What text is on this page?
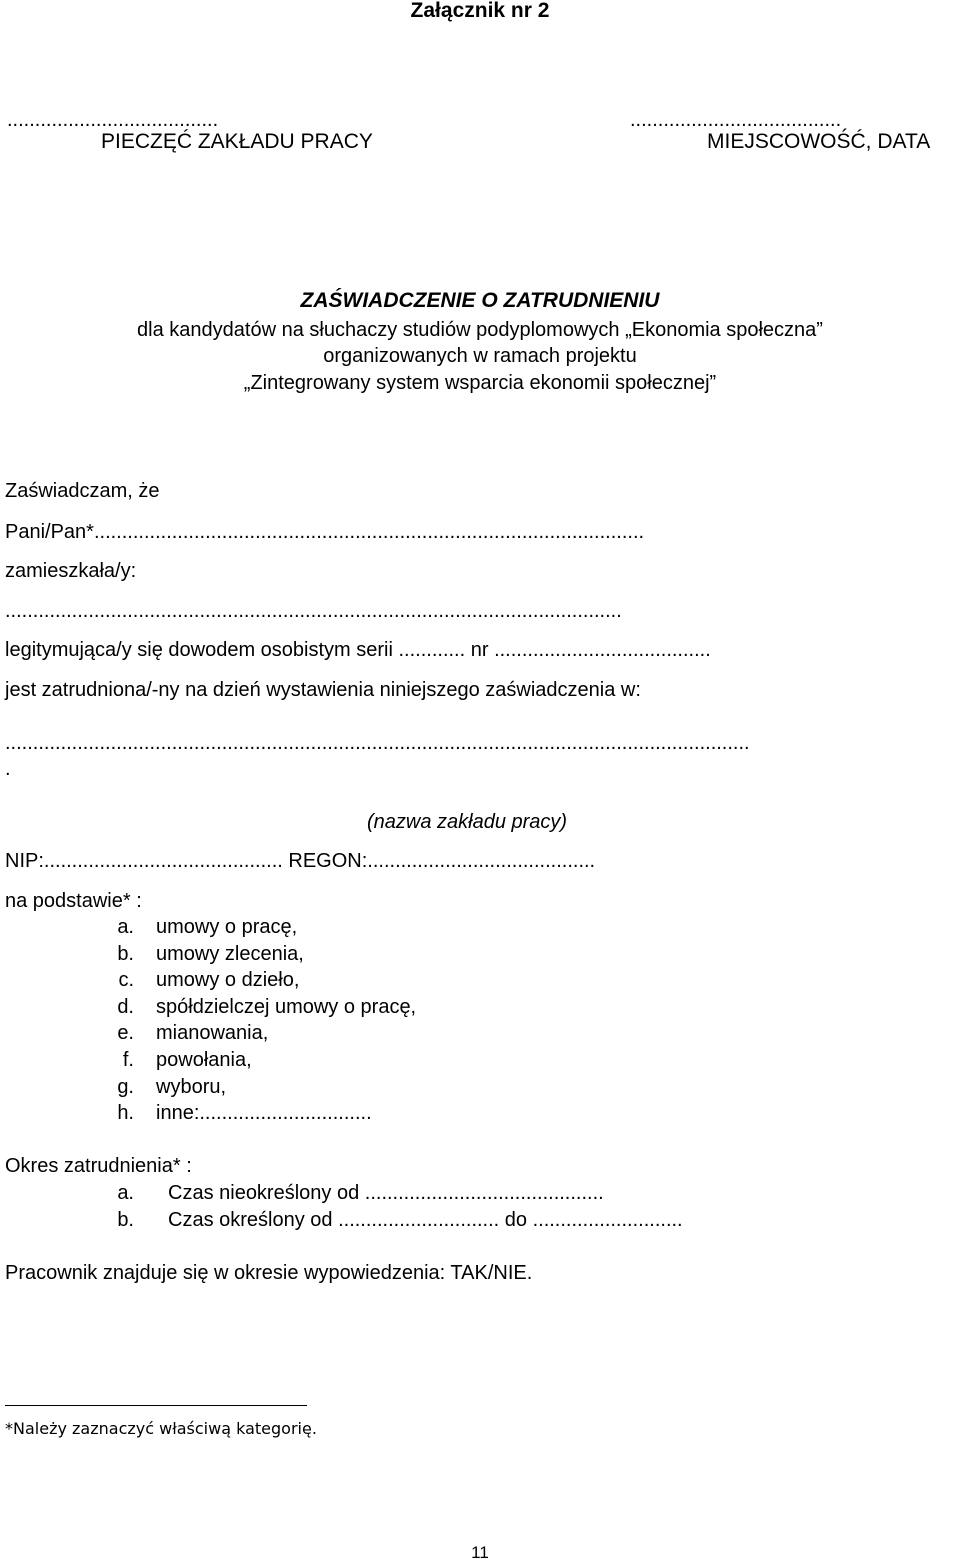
Załącznik nr 2
......................................
PIECZĘĆ ZAKŁADU PRACY
......................................
MIEJSCOWOŚĆ, DATA
ZAŚWIADCZENIE O ZATRUDNIENIU
dla kandydatów na słuchaczy studiów podyplomowych „Ekonomia społeczna”
organizowanych w ramach projektu
„Zintegrowany system wsparcia ekonomii społecznej”
Zaświadczam, że
Pani/Pan*...................................................................................................
zamieszkała/y:
...............................................................................................................
legitymująca/y się dowodem osobistym serii ............ nr .......................................
jest zatrudniona/-ny na dzień wystawienia niniejszego zaświadczenia w:
......................................................................................................................................
.
(nazwa zakładu pracy)
NIP:........................................... REGON:.........................................
na podstawie* :
a. umowy o pracę,
b. umowy zlecenia,
c. umowy o dzieło,
d. spółdzielczej umowy o pracę,
e. mianowania,
f. powołania,
g. wyboru,
h. inne:...............................
Okres zatrudnienia* :
a. Czas nieokreślony od ...........................................
b. Czas określony od ............................. do ...........................
Pracownik znajduje się w okresie wypowiedzenia: TAK/NIE.
*Należy zaznaczyć właściwą kategorię.
11
